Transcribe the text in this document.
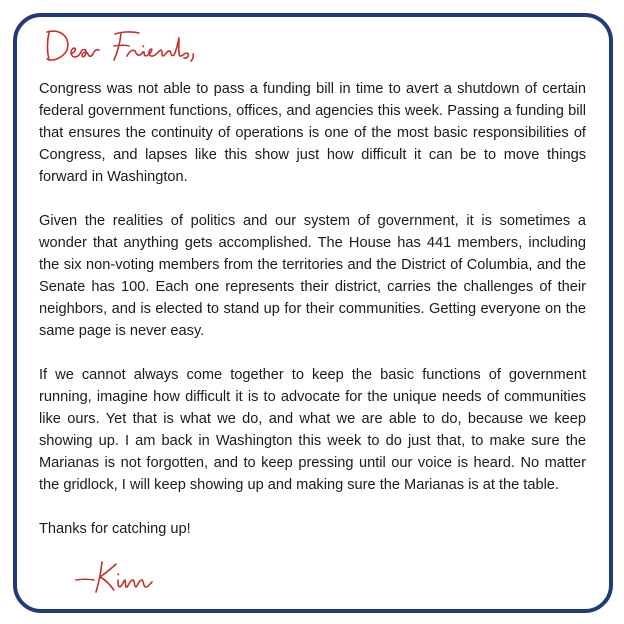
Congress was not able to pass a funding bill in time to avert a shutdown of certain federal government functions, offices, and agencies this week. Passing a funding bill that ensures the continuity of operations is one of the most basic responsibilities of Congress, and lapses like this show just how difficult it can be to move things forward in Washington.

Given the realities of politics and our system of government, it is sometimes a wonder that anything gets accomplished. The House has 441 members, including the six non-voting members from the territories and the District of Columbia, and the Senate has 100. Each one represents their district, carries the challenges of their neighbors, and is elected to stand up for their communities. Getting everyone on the same page is never easy.

If we cannot always come together to keep the basic functions of government running, imagine how difficult it is to advocate for the unique needs of communities like ours. Yet that is what we do, and what we are able to do, because we keep showing up. I am back in Washington this week to do just that, to make sure the Marianas is not forgotten, and to keep pressing until our voice is heard. No matter the gridlock, I will keep showing up and making sure the Marianas is at the table.

Thanks for catching up!
